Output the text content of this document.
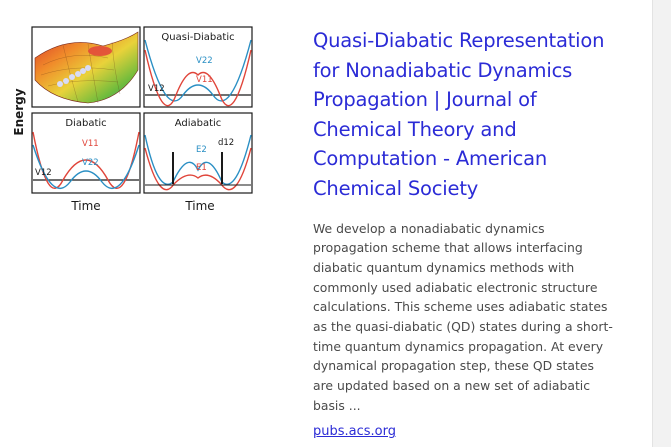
Energy
Quasi-Diabatic
V22
V11
V12
Diabatic
V11
V22
V12
Adiabatic
E2
E1
d12
Time	Time
Quasi-Diabatic Representation for Nonadiabatic Dynamics Propagation | Journal of Chemical Theory and Computation - American Chemical Society

We develop a nonadiabatic dynamics propagation scheme that allows interfacing diabatic quantum dynamics methods with commonly used adiabatic electronic structure calculations. This scheme uses adiabatic states as the quasi-diabatic (QD) states during a short-time quantum dynamics propagation. At every dynamical propagation step, these QD states are updated based on a new set of adiabatic basis ...

pubs.acs.org
